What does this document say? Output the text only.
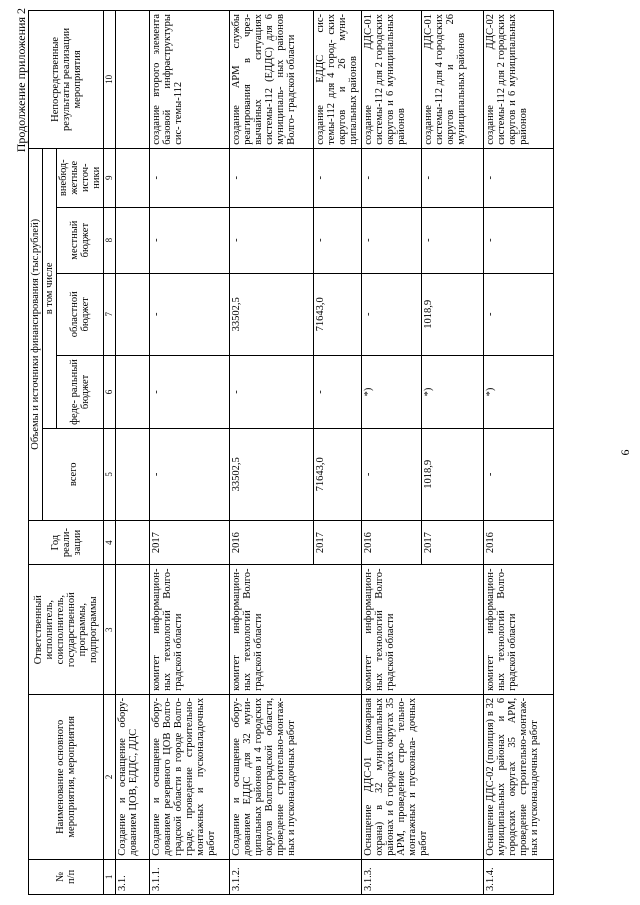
Продолжение приложения 2
№
п/п	Наименование основного мероприятия, мероприятия	Ответственный исполнитель, соисполнитель, государственной программы, подпрограммы	Год реали- зации	Объемы и источники финансирования (тыс.рублей)					Непосредственные результаты реализации мероприятия
				всего	в том числе				
					феде- ральный бюджет	областной бюджет	местный бюджет	внебюд- жетные источ- ники	
1	2	3	4	5	6	7	8	9	10
3.1.	Создание и оснащение обору- дованием ЦОВ, ЕДДС, ДДС								
3.1.1.	Создание и оснащение обору- дованием резервного ЦОВ Волго- градской области в городе Волго- граде, проведение строительно- монтажных и пусконаладочных работ	комитет информацион- ных технологий Волго- градской области	2017	-	-	-	-	-	создание второго элемента базовой инфраструктуры сис- темы-112
3.1.2.	Создание и оснащение обору- дованием ЕДДС для 32 муни- ципальных районов и 4 городских округов Волгоградской области, проведение строительно-монтаж- ных и пусконаладочных работ	комитет информацион- ных технологий Волго- градской области	2016	33502,5	-	33502,5	-	-	создание АРМ службы реагирования в чрез- вычайных ситуациях системы-112 (ЕДДС) для 6 муниципаль- ных районов Волго- градской области
			2017	71643,0	-	71643,0	-	-	создание ЕДДС сис- темы-112 для 4 город- ских округов и 26 муни- ципальных районов
3.1.3.	Оснащение ДДС-01 (пожарная охрана) в 32 муниципальных районах и 6 городских округах 35 АРМ, проведение стро- тельно-монтажных и пусконала- дочных работ	комитет информацион- ных технологий Волго- градской области	2016	-	*)	-	-	-	создание ДДС-01 системы-112 для 2 городских округов и 6 муниципальных районов
			2017	1018,9	*)	1018,9	-	-	создание ДДС-01 системы-112 для 4 городских округов и 26 муниципальных районов
3.1.4.	Оснащение ДДС-02 (полиция) в 32 муниципальных районах и 6 городских округах 35 АРМ, проведение строительно-монтаж- ных и пусконаладочных работ	комитет информацион- ных технологий Волго- градской области	2016	-	*)	-	-	-	создание ДДС-02 системы-112 для 2 городских округов и 6 муниципальных районов
6
